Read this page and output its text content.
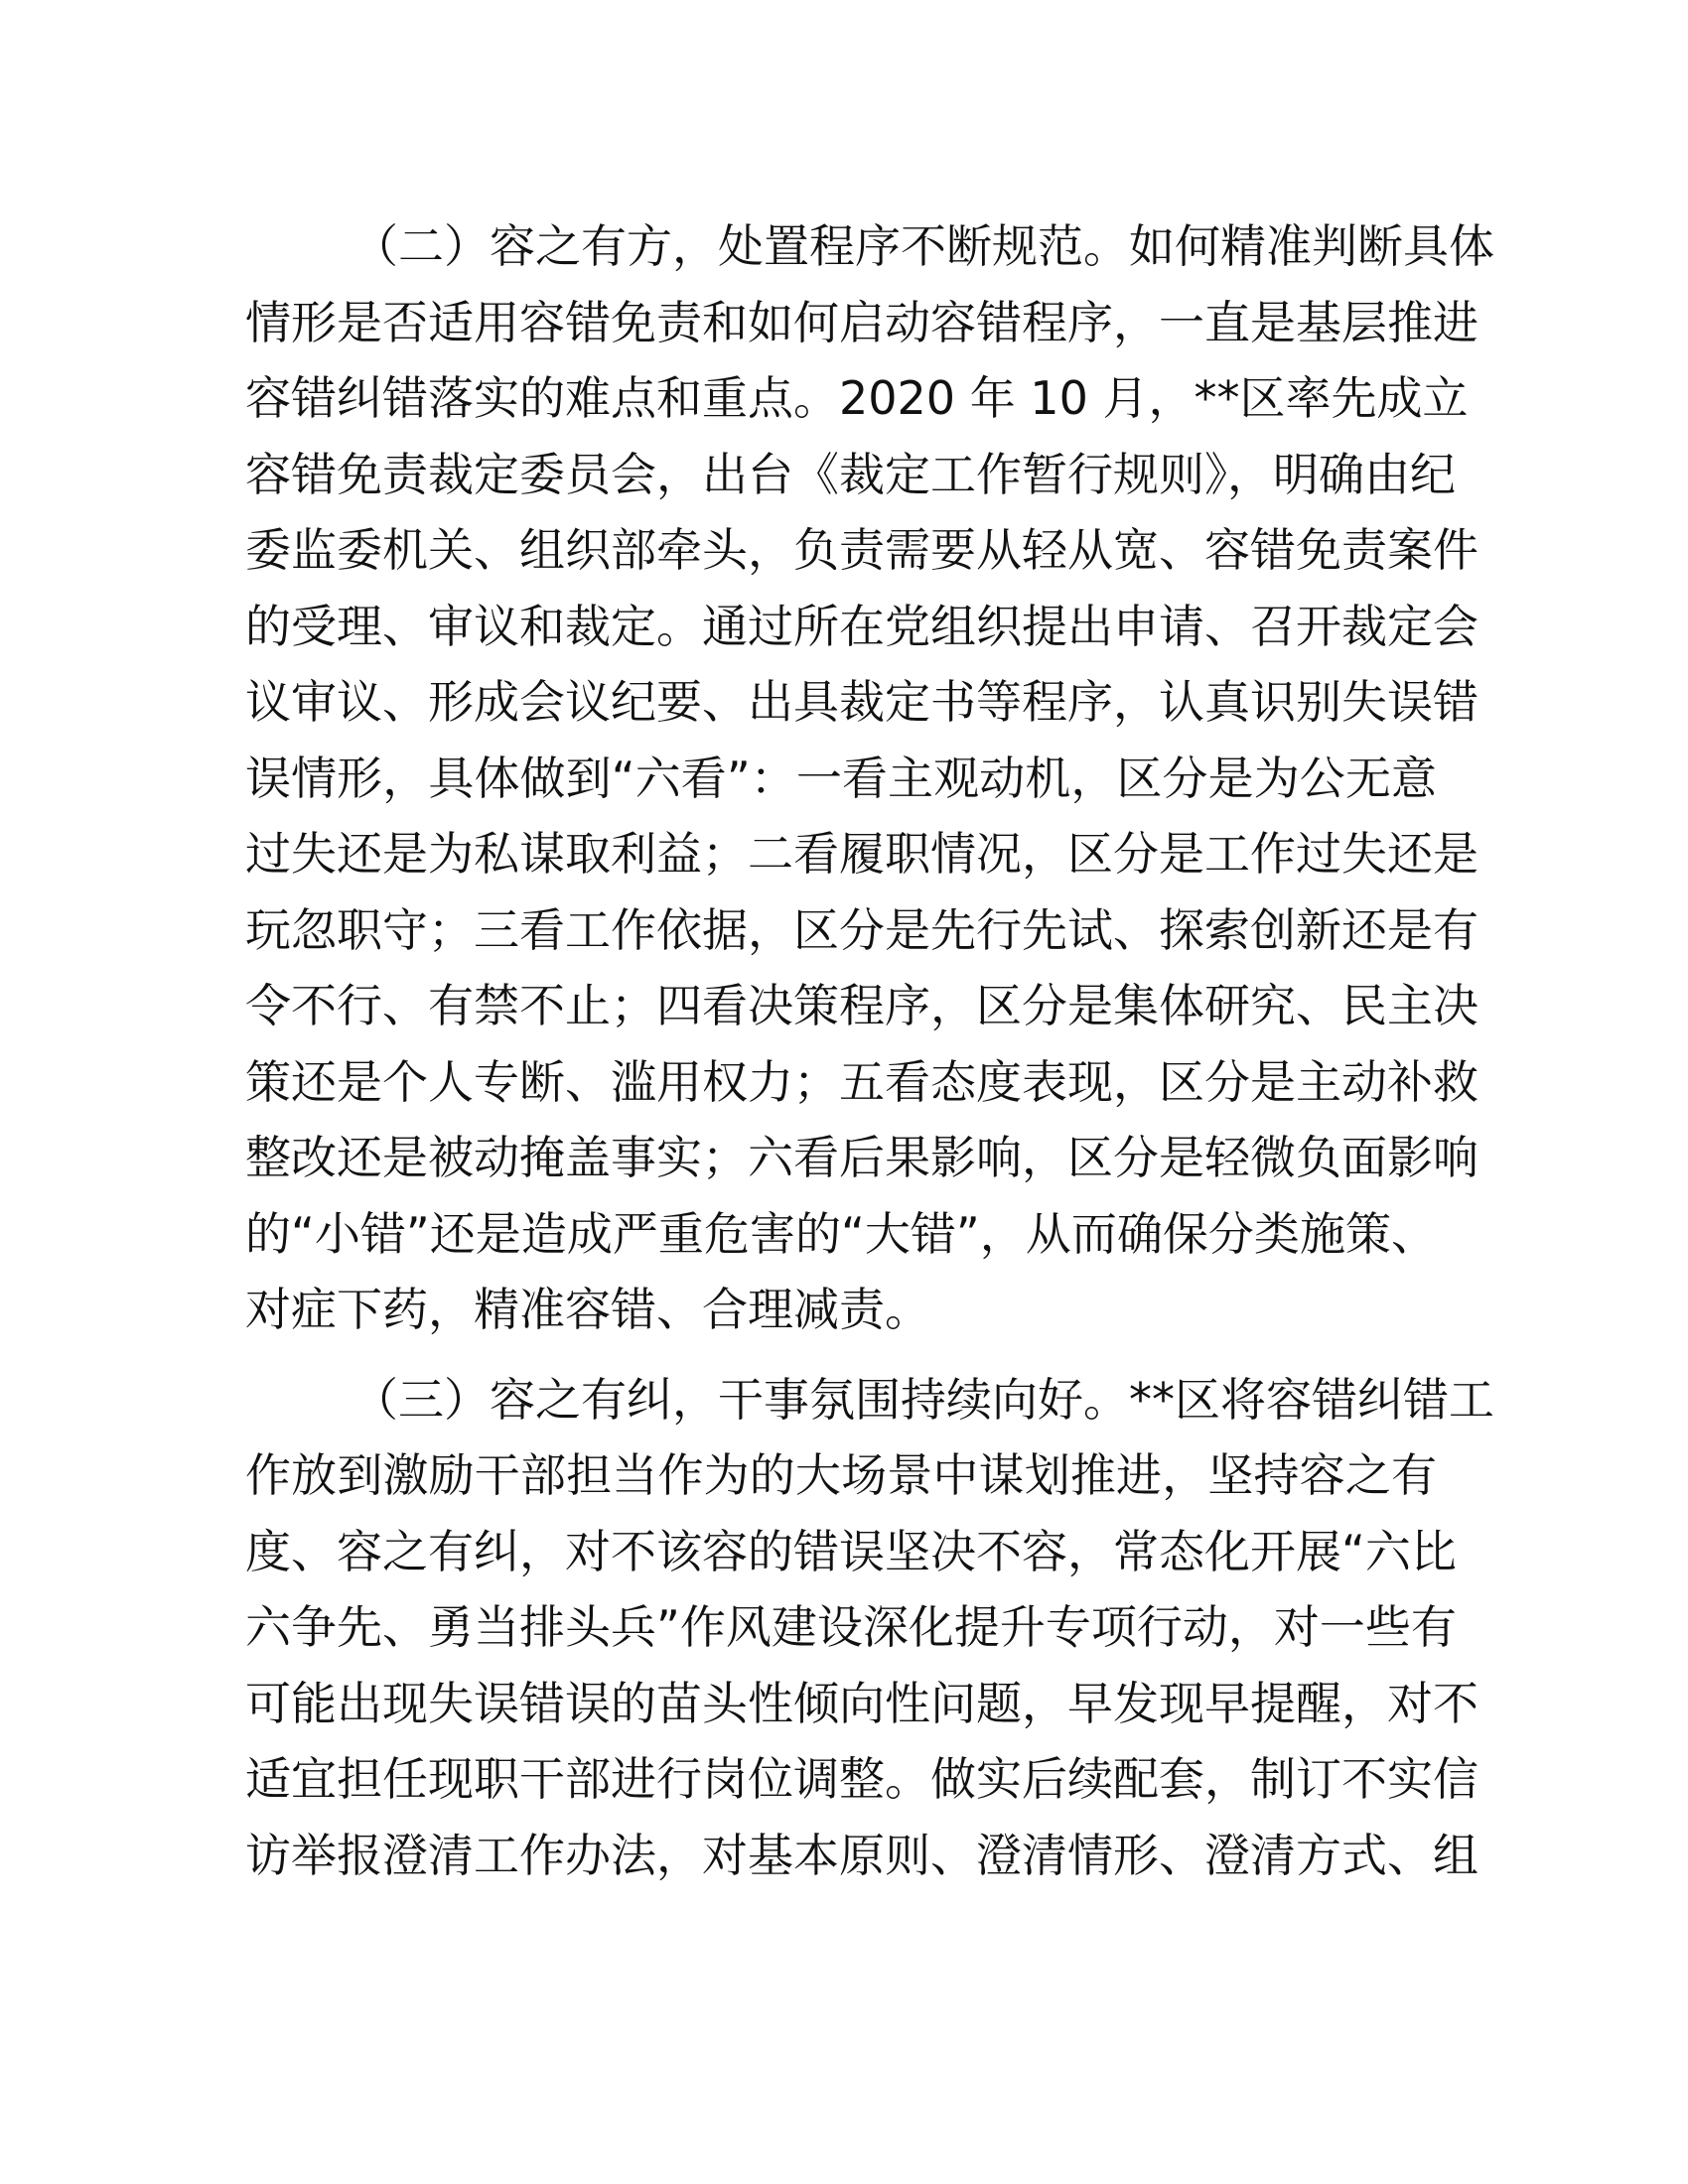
（二）容之有方，处置程序不断规范。如何精准判断具体
情形是否适用容错免责和如何启动容错程序，一直是基层推进
容错纠错落实的难点和重点。2020 年 10 月，**区率先成立
容错免责裁定委员会，出台《裁定工作暂行规则》，明确由纪
委监委机关、组织部牵头，负责需要从轻从宽、容错免责案件
的受理、审议和裁定。通过所在党组织提出申请、召开裁定会
议审议、形成会议纪要、出具裁定书等程序，认真识别失误错
误情形，具体做到“六看”：一看主观动机，区分是为公无意
过失还是为私谋取利益；二看履职情况，区分是工作过失还是
玩忽职守；三看工作依据，区分是先行先试、探索创新还是有
令不行、有禁不止；四看决策程序，区分是集体研究、民主决
策还是个人专断、滥用权力；五看态度表现，区分是主动补救
整改还是被动掩盖事实；六看后果影响，区分是轻微负面影响
的“小错”还是造成严重危害的“大错”，从而确保分类施策、
对症下药，精准容错、合理减责。

（三）容之有纠，干事氛围持续向好。**区将容错纠错工
作放到激励干部担当作为的大场景中谋划推进，坚持容之有
度、容之有纠，对不该容的错误坚决不容，常态化开展“六比
六争先、勇当排头兵”作风建设深化提升专项行动，对一些有
可能出现失误错误的苗头性倾向性问题，早发现早提醒，对不
适宜担任现职干部进行岗位调整。做实后续配套，制订不实信
访举报澄清工作办法，对基本原则、澄清情形、澄清方式、组
